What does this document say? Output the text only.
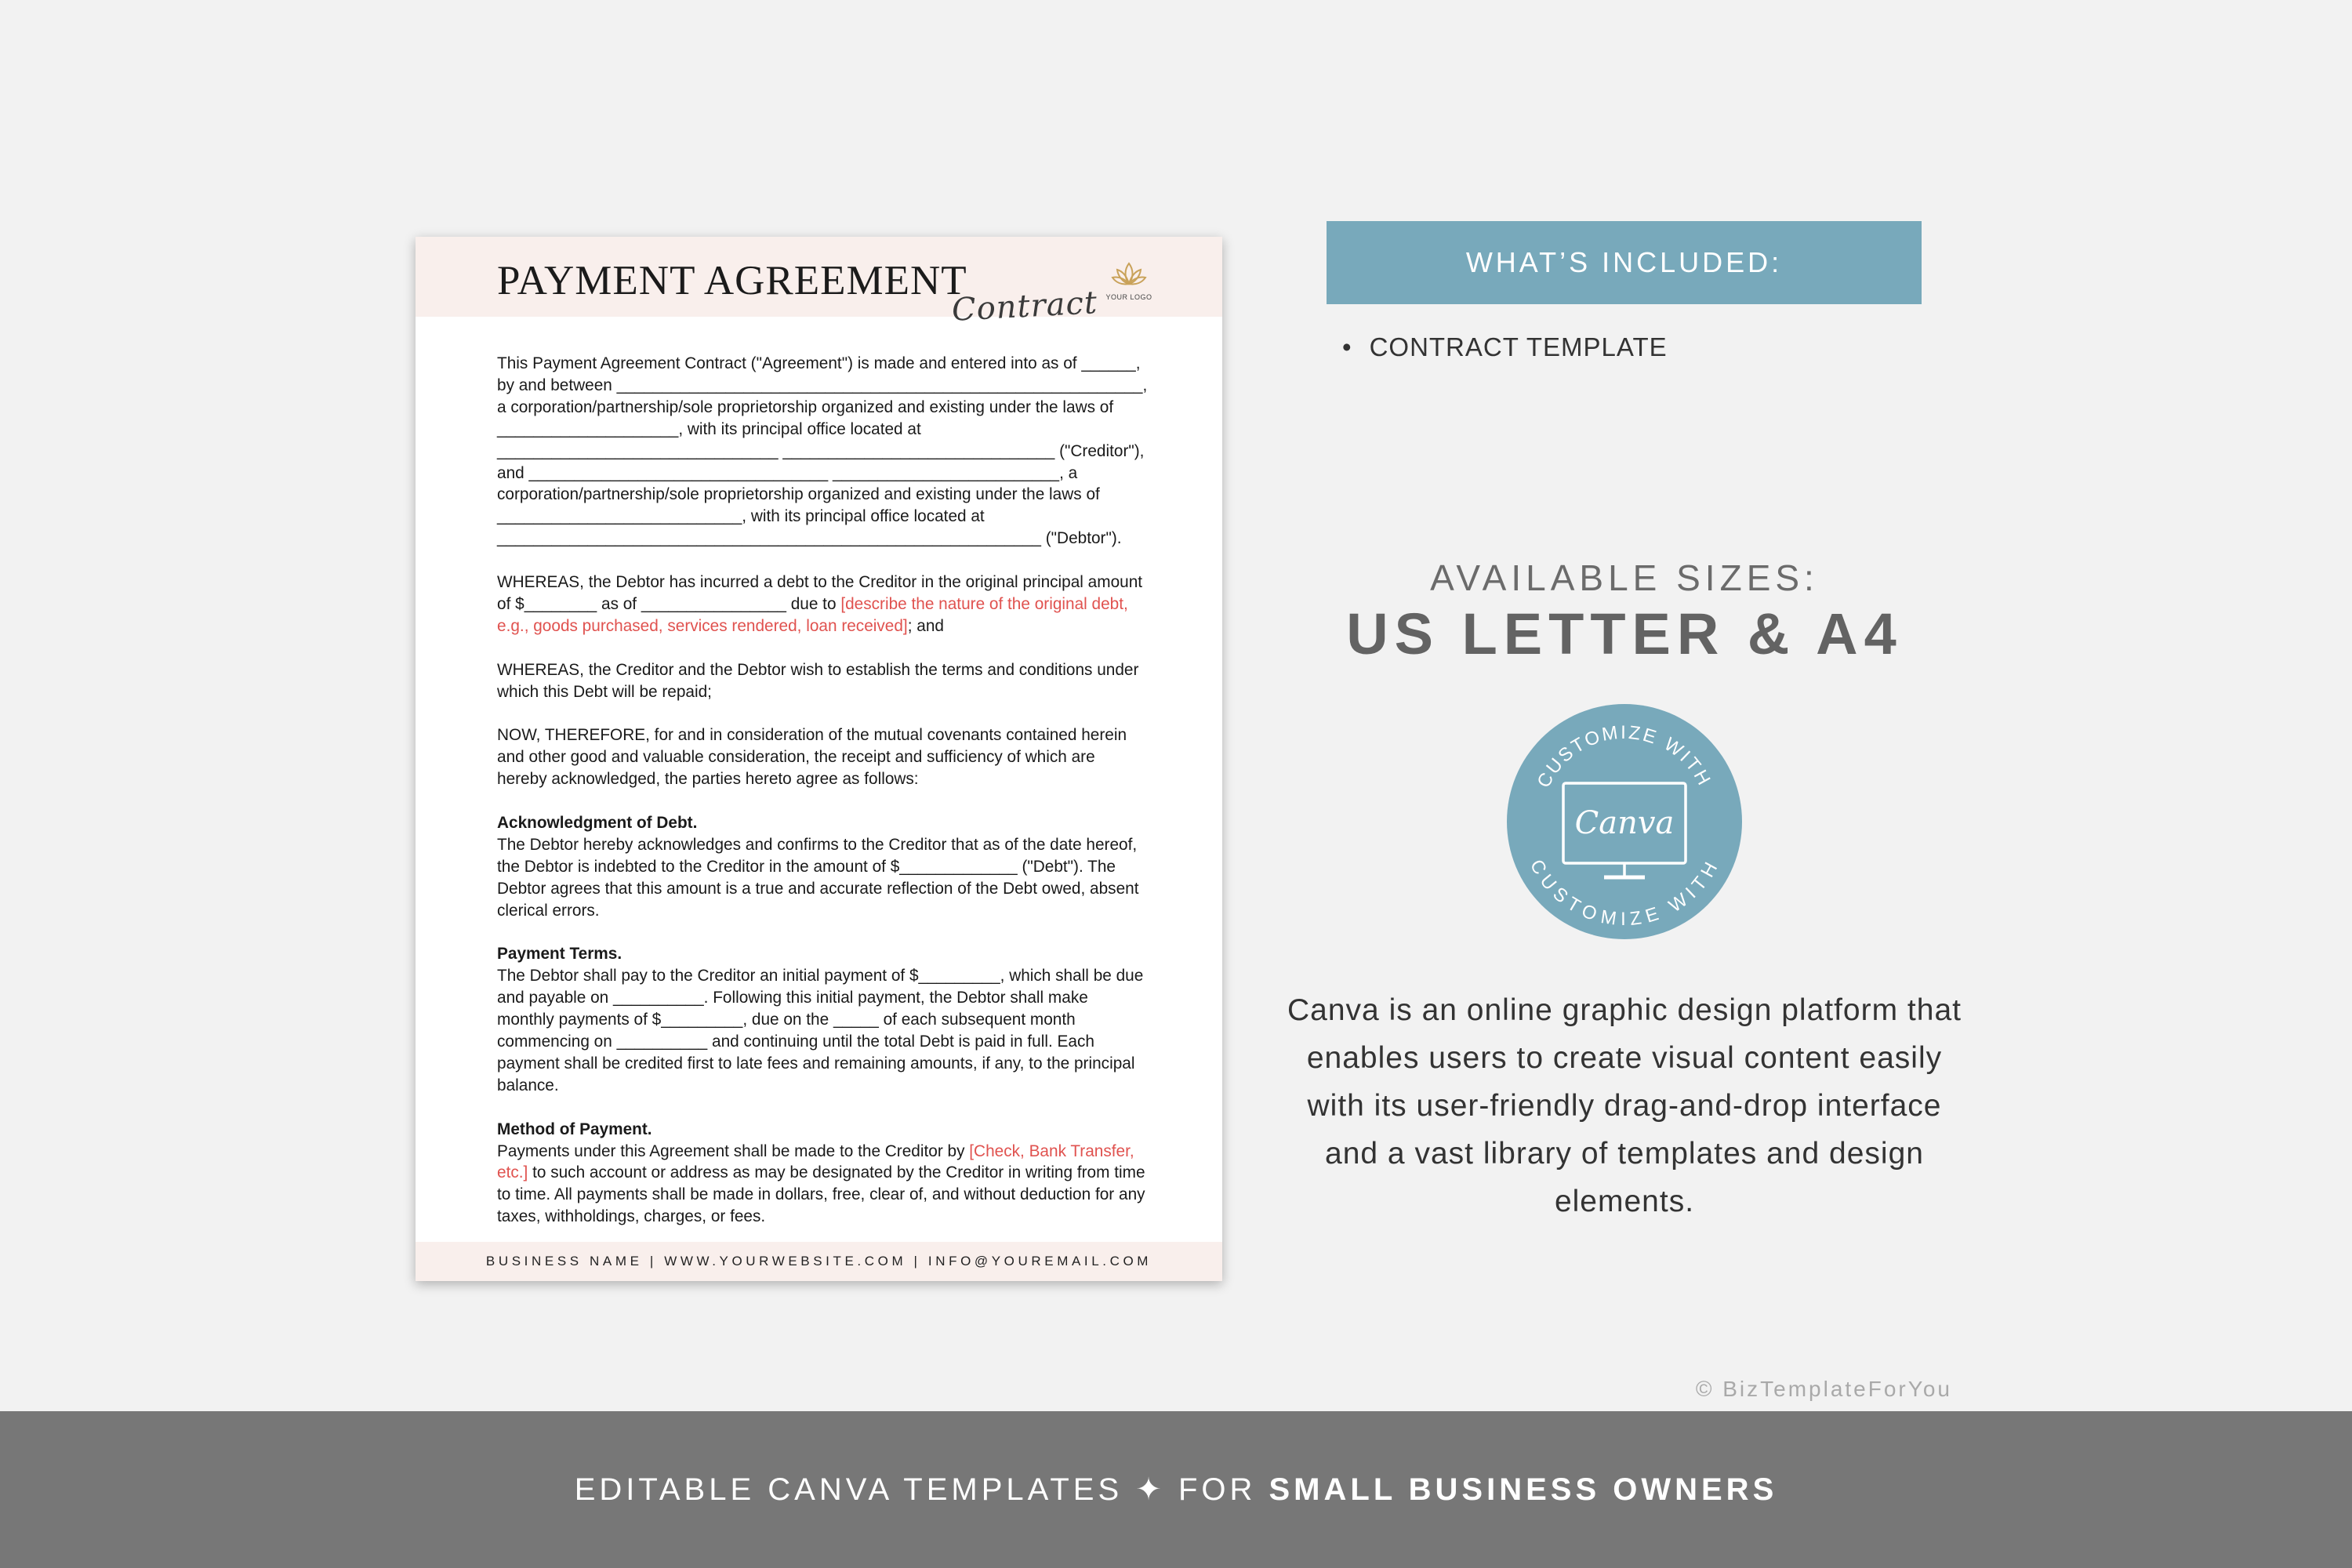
PAYMENT AGREEMENT
Contract	YOUR LOGO

This Payment Agreement Contract ("Agreement") is made and entered into as of ______, by and between __________________________________________________________, a corporation/partnership/sole proprietorship organized and existing under the laws of ____________________, with its principal office located at _______________________________ ______________________________ ("Creditor"), and _________________________________ _________________________, a corporation/partnership/sole proprietorship organized and existing under the laws of ___________________________, with its principal office located at ____________________________________________________________ ("Debtor").

WHEREAS, the Debtor has incurred a debt to the Creditor in the original principal amount of $________ as of ________________ due to [describe the nature of the original debt, e.g., goods purchased, services rendered, loan received]; and

WHEREAS, the Creditor and the Debtor wish to establish the terms and conditions under which this Debt will be repaid;

NOW, THEREFORE, for and in consideration of the mutual covenants contained herein and other good and valuable consideration, the receipt and sufficiency of which are hereby acknowledged, the parties hereto agree as follows:

Acknowledgment of Debt.
The Debtor hereby acknowledges and confirms to the Creditor that as of the date hereof, the Debtor is indebted to the Creditor in the amount of $_____________ ("Debt"). The Debtor agrees that this amount is a true and accurate reflection of the Debt owed, absent clerical errors.

Payment Terms.
The Debtor shall pay to the Creditor an initial payment of $_________, which shall be due and payable on __________. Following this initial payment, the Debtor shall make monthly payments of $_________, due on the _____ of each subsequent month commencing on __________ and continuing until the total Debt is paid in full. Each payment shall be credited first to late fees and remaining amounts, if any, to the principal balance.

Method of Payment.
Payments under this Agreement shall be made to the Creditor by [Check, Bank Transfer, etc.] to such account or address as may be designated by the Creditor in writing from time to time. All payments shall be made in dollars, free, clear of, and without deduction for any taxes, withholdings, charges, or fees.

BUSINESS NAME | WWW.YOURWEBSITE.COM | INFO@YOUREMAIL.COM
WHAT’S INCLUDED:
• CONTRACT TEMPLATE
AVAILABLE SIZES:
US LETTER & A4
CUSTOMIZE WITH
CUSTOMIZE WITH
Canva

Canva is an online graphic design platform that enables users to create visual content easily with its user-friendly drag-and-drop interface and a vast library of templates and design elements.

© BizTemplateForYou
EDITABLE CANVA TEMPLATES ✦ FOR SMALL BUSINESS OWNERS
